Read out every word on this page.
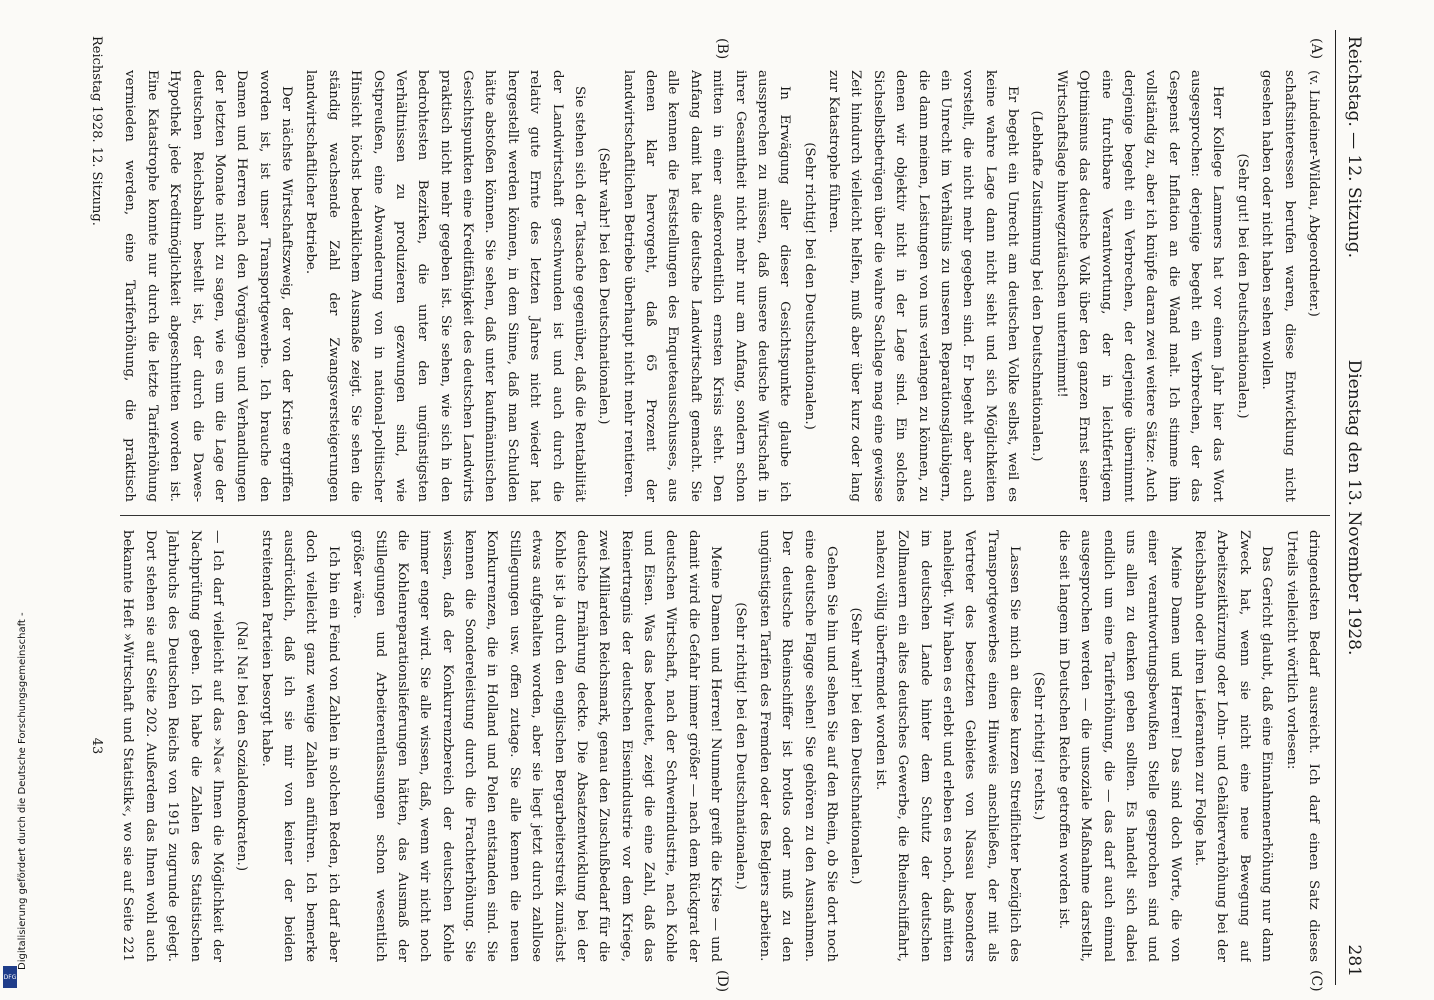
Reichstag. — 12. Sitzung.
Dienstag den 13. November 1928.
281
(A)
(B)
(C)
(D)

(v. Lindeiner-Wildau, Abgeordneter.)

schaftsinteressen berufen waren, diese Entwicklung nicht gesehen haben oder nicht haben sehen wollen.

(Sehr gut! bei den Deutschnationalen.)

Herr Kollege Lammers hat vor einem Jahr hier das Wort ausgesprochen: derjenige begeht ein Verbrechen, der das Gespenst der Inflation an die Wand malt. Ich stimme ihm vollständig zu, aber ich knüpfe daran zwei weitere Sätze: Auch derjenige begeht ein Verbrechen, der derjenige übernimmt eine furchtbare Verantwortung, der in leichtfertigem Optimismus das deutsche Volk über den ganzen Ernst seiner Wirtschaftslage hinwegzutäuschen unternimmt!

(Lebhafte Zustimmung bei den Deutschnationalen.)

Er begeht ein Unrecht am deutschen Volke selbst, weil es keine wahre Lage dann nicht sieht und sich Möglichkeiten vorstellt, die nicht mehr gegeben sind. Er begeht aber auch ein Unrecht im Verhältnis zu unseren Reparationsgläubigern, die dann meinen, Leistungen von uns verlangen zu können, zu denen wir objektiv nicht in der Lage sind. Ein solches Sichselbstbetrügen über die wahre Sachlage mag eine gewisse Zeit hindurch vielleicht helfen, muß aber über kurz oder lang zur Katastrophe führen.

(Sehr richtig! bei den Deutschnationalen.)

In Erwägung aller dieser Gesichtspunkte glaube ich aussprechen zu müssen, daß unsere deutsche Wirtschaft in ihrer Gesamtheit nicht mehr nur am Anfang, sondern schon mitten in einer außerordentlich ernsten Krisis steht. Den Anfang damit hat die deutsche Landwirtschaft gemacht. Sie alle kennen die Feststellungen des Enqueteausschusses, aus denen klar hervorgeht, daß 65 Prozent der landwirtschaftlichen Betriebe überhaupt nicht mehr rentieren.

(Sehr wahr! bei den Deutschnationalen.)

Sie stehen sich der Tatsache gegenüber, daß die Rentabilität der Landwirtschaft geschwunden ist und auch durch die relativ gute Ernte des letzten Jahres nicht wieder hat hergestellt werden können, in dem Sinne, daß man Schulden hätte abstoßen können. Sie sehen, daß unter kaufmännischen Gesichtspunkten eine Kreditfähigkeit des deutschen Landwirts praktisch nicht mehr gegeben ist. Sie sehen, wie sich in den bedrohtesten Bezirken, die unter den ungünstigsten Verhältnissen zu produzieren gezwungen sind, wie Ostpreußen, eine Abwanderung von in national-politischer Hinsicht höchst bedenklichem Ausmaße zeigt. Sie sehen die ständig wachsende Zahl der Zwangsversteigerungen landwirtschaftlicher Betriebe.

Der nächste Wirtschaftszweig, der von der Krise ergriffen worden ist, ist unser Transportgewerbe. Ich brauche den Damen und Herren nach den Vorgängen und Verhandlungen der letzten Monate nicht zu sagen, wie es um die Lage der deutschen Reichsbahn bestellt ist, der durch die Dawes-Hypothek jede Kreditmöglichkeit abgeschnitten worden ist. Eine Katastrophe konnte nur durch die letzte Tariferhöhung vermieden werden, eine Tariferhöhung, die praktisch

dringendsten Bedarf ausreicht. Ich darf einen Satz dieses Urteils vielleicht wörtlich vorlesen:

Das Gericht glaubt, daß eine Einnahmenerhöhung nur dann Zweck hat, wenn sie nicht eine neue Bewegung auf Arbeitszeitkürzung oder Lohn- und Gehälterverhöhung bei der Reichsbahn oder ihren Lieferanten zur Folge hat.

Meine Damen und Herren! Das sind doch Worte, die von einer verantwortungsbewußten Stelle gesprochen sind und uns allen zu denken geben sollten. Es handelt sich dabei endlich um eine Tariferhöhung, die — das darf auch einmal ausgesprochen werden — die unsoziale Maßnahme darstellt, die seit langem im Deutschen Reiche getroffen worden ist.

(Sehr richtig! rechts.)

Lassen Sie mich an diese kurzen Streiflichter bezüglich des Transportgewerbes einen Hinweis anschließen, der mit als Vertreter des besetzten Gebietes von Nassau besonders naheliegt. Wir haben es erlebt und erleben es noch, daß mitten im deutschen Lande hinter dem Schutz der deutschen Zollmauern ein altes deutsches Gewerbe, die Rheinschiffahrt, nahezu völlig überfremdet worden ist.

(Sehr wahr! bei den Deutschnationalen.)

Gehen Sie hin und sehen Sie auf den Rhein, ob Sie dort noch eine deutsche Flagge sehen! Sie gehören zu den Ausnahmen. Der deutsche Rheinschiffer ist brotlos oder muß zu den ungünstigsten Tarifen des Fremden oder des Belgiers arbeiten.

(Sehr richtig! bei den Deutschnationalen.)

Meine Damen und Herren! Nunmehr greift die Krise — und damit wird die Gefahr immer größer — nach dem Rückgrat der deutschen Wirtschaft, nach der Schwerindustrie, nach Kohle und Eisen. Was das bedeutet, zeigt die eine Zahl, daß das Reinertragnis der deutschen Eisenindustrie vor dem Kriege, zwei Milliarden Reichsmark, genau den Zuschußbedarf für die deutsche Ernährung deckte. Die Absatzentwicklung bei der Kohle ist ja durch den englischen Bergarbeiterstreik zunächst etwas aufgehalten worden, aber sie liegt jetzt durch zahllose Stillegungen usw. offen zutage. Sie alle kennen die neuen Konkurrenzen, die in Holland und Polen entstanden sind. Sie kennen die Sondereleistung durch die Frachterhöhung. Sie wissen, daß der Konkurrenzbereich der deutschen Kohle immer enger wird. Sie alle wissen, daß, wenn wir nicht noch die Kohlenreparationslieferungen hätten, das Ausmaß der Stillegungen und Arbeiterentlassungen schon wesentlich größer wäre.

Ich bin ein Feind von Zahlen in solchen Reden, ich darf aber doch vielleicht ganz wenige Zahlen anführen. Ich bemerke ausdrücklich, daß ich sie mir von keiner der beiden streitenden Parteien besorgt habe.

(Na! Na! bei den Sozialdemokraten.)

— Ich darf vielleicht auf das »Na« Ihnen die Möglichkeit der Nachprüfung geben. Ich habe die Zahlen des Statistischen Jahrbuchs des Deutschen Reichs von 1915 zugrunde gelegt. Dort stehen sie auf Seite 202. Außerdem das Ihnen wohl auch bekannte Heft »Wirtschaft und Statistik«, wo sie auf Seite 221

Reichstag 1928. 12. Sitzung.
43
Digitalisierung gefördert durch die Deutsche Forschungsgemeinschaft -
DFG
